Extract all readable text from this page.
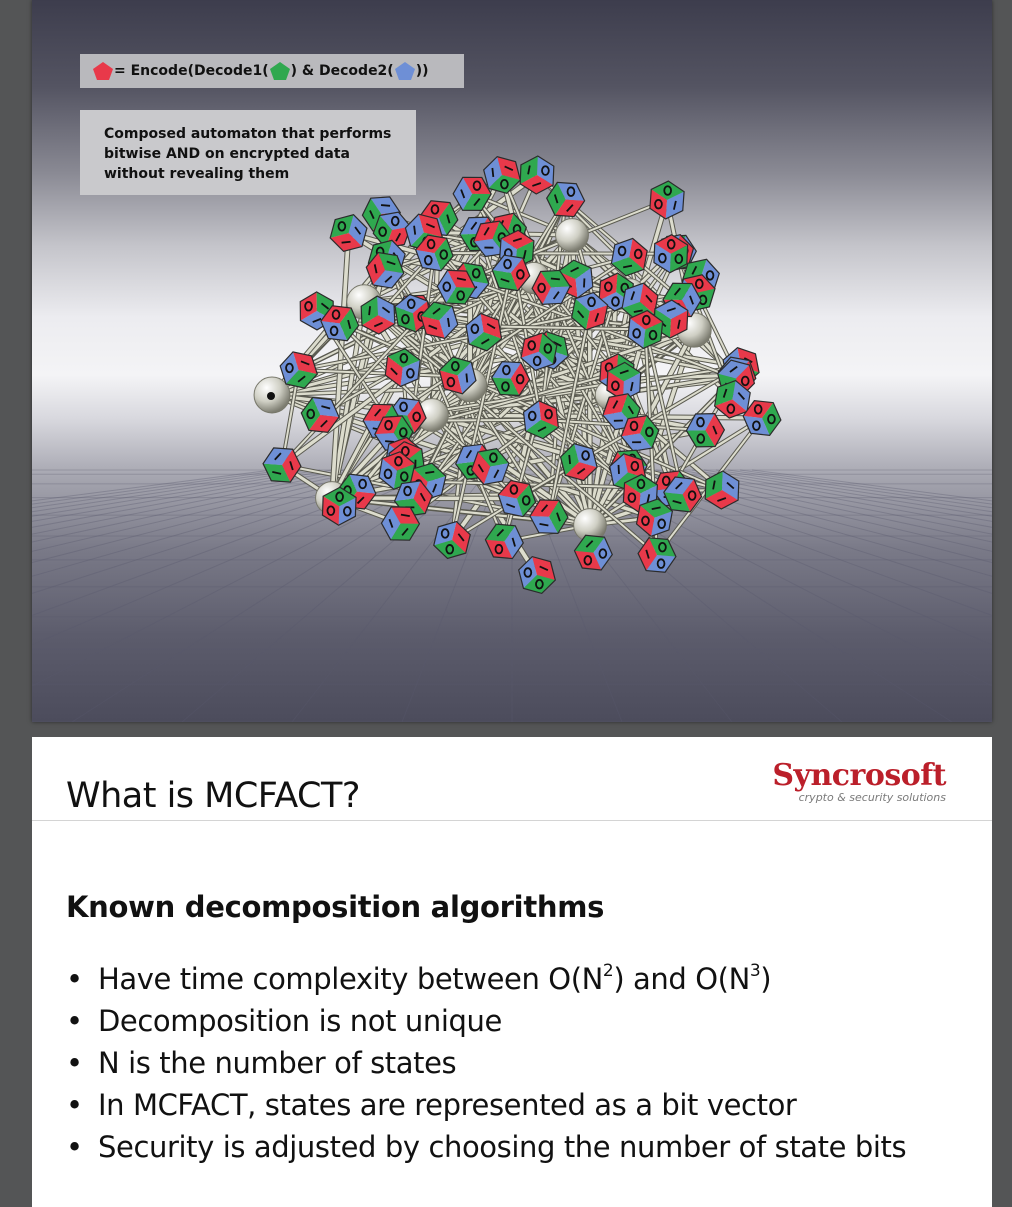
= Encode(Decode1( ) & Decode2( ))
Composed automaton that performs
bitwise AND on encrypted data
without revealing them
What is MCFACT?
Syncrosoft
crypto & security solutions
Known decomposition algorithms
• Have time complexity between $O(N^2)$ and $O(N^3)$
• Decomposition is not unique
• N is the number of states
• In MCFACT, states are represented as a bit vector
• Security is adjusted by choosing the number of state bits
